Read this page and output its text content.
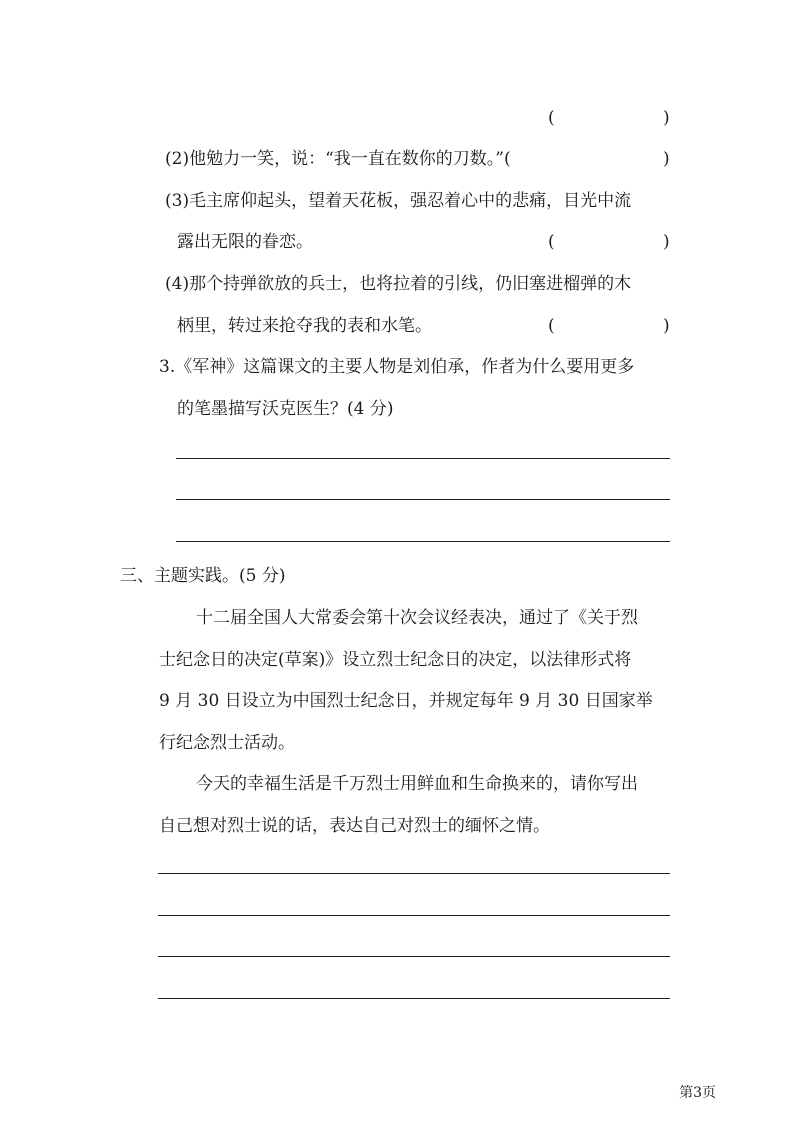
(	)
(2)他勉力一笑，说：“我一直在数你的刀数。”(	)
(3)毛主席仰起头，望着天花板，强忍着心中的悲痛，目光中流
露出无限的眷恋。	(	)
(4)那个持弹欲放的兵士，也将拉着的引线，仍旧塞进榴弹的木
柄里，转过来抢夺我的表和水笔。	(	)
3.《军神》这篇课文的主要人物是刘伯承，作者为什么要用更多
的笔墨描写沃克医生？(4 分)
三、主题实践。(5 分)
十二届全国人大常委会第十次会议经表决，通过了《关于烈
士纪念日的决定(草案)》设立烈士纪念日的决定，以法律形式将
9 月 30 日设立为中国烈士纪念日，并规定每年 9 月 30 日国家举
行纪念烈士活动。
今天的幸福生活是千万烈士用鲜血和生命换来的，请你写出
自己想对烈士说的话，表达自己对烈士的缅怀之情。
第3页
